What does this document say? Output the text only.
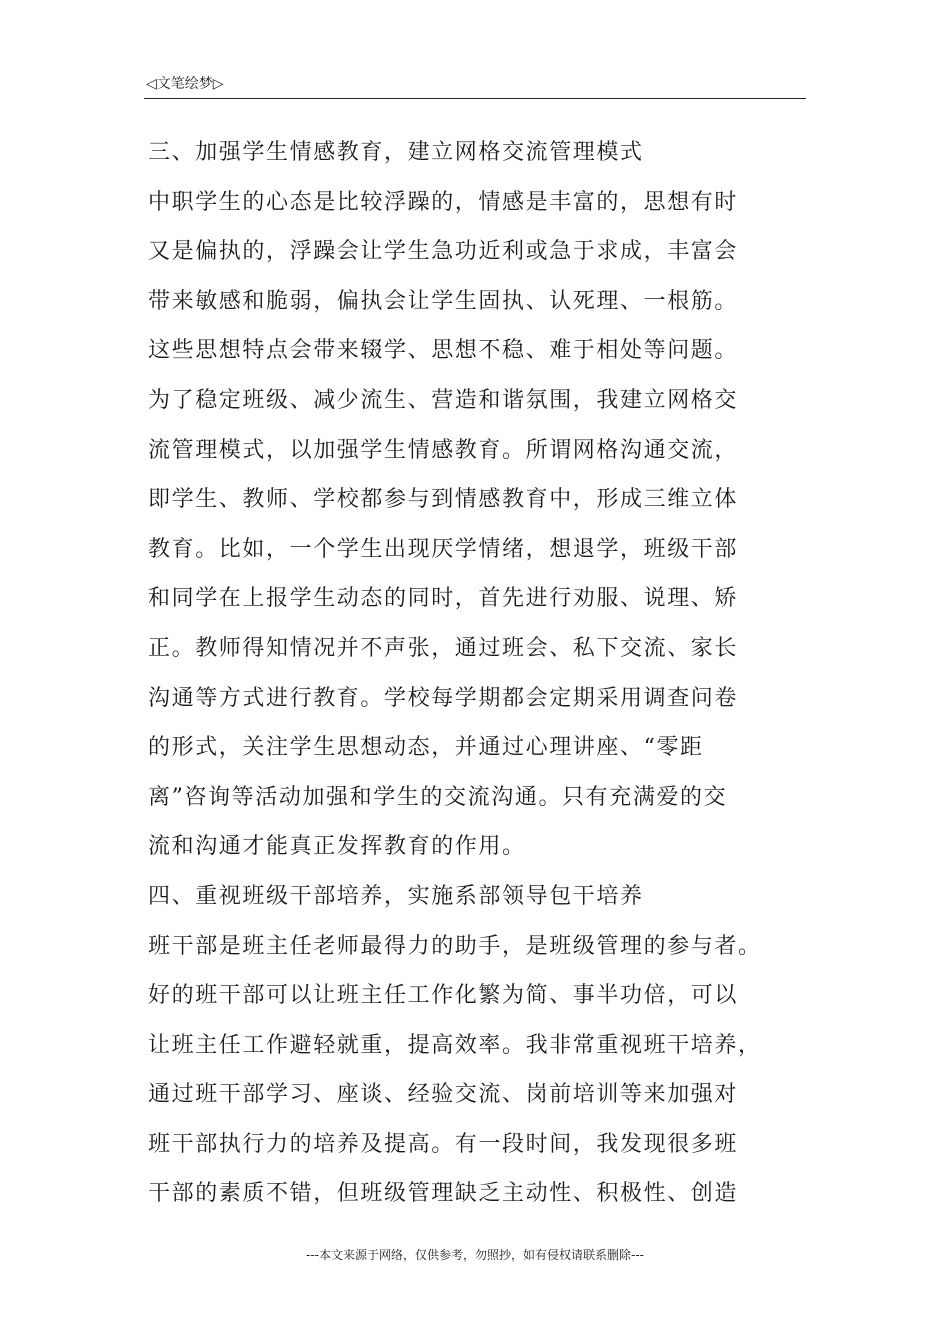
◁文笔绘梦▷
三、加强学生情感教育，建立网格交流管理模式
中职学生的心态是比较浮躁的，情感是丰富的，思想有时
又是偏执的，浮躁会让学生急功近利或急于求成，丰富会
带来敏感和脆弱，偏执会让学生固执、认死理、一根筋。
这些思想特点会带来辍学、思想不稳、难于相处等问题。
为了稳定班级、减少流生、营造和谐氛围，我建立网格交
流管理模式，以加强学生情感教育。所谓网格沟通交流，
即学生、教师、学校都参与到情感教育中，形成三维立体
教育。比如，一个学生出现厌学情绪，想退学，班级干部
和同学在上报学生动态的同时，首先进行劝服、说理、矫
正。教师得知情况并不声张，通过班会、私下交流、家长
沟通等方式进行教育。学校每学期都会定期采用调查问卷
的形式，关注学生思想动态，并通过心理讲座、“零距
离”咨询等活动加强和学生的交流沟通。只有充满爱的交
流和沟通才能真正发挥教育的作用。
四、重视班级干部培养，实施系部领导包干培养
班干部是班主任老师最得力的助手，是班级管理的参与者。
好的班干部可以让班主任工作化繁为简、事半功倍，可以
让班主任工作避轻就重，提高效率。我非常重视班干培养，
通过班干部学习、座谈、经验交流、岗前培训等来加强对
班干部执行力的培养及提高。有一段时间，我发现很多班
干部的素质不错，但班级管理缺乏主动性、积极性、创造
---本文来源于网络，仅供参考，勿照抄，如有侵权请联系删除---
